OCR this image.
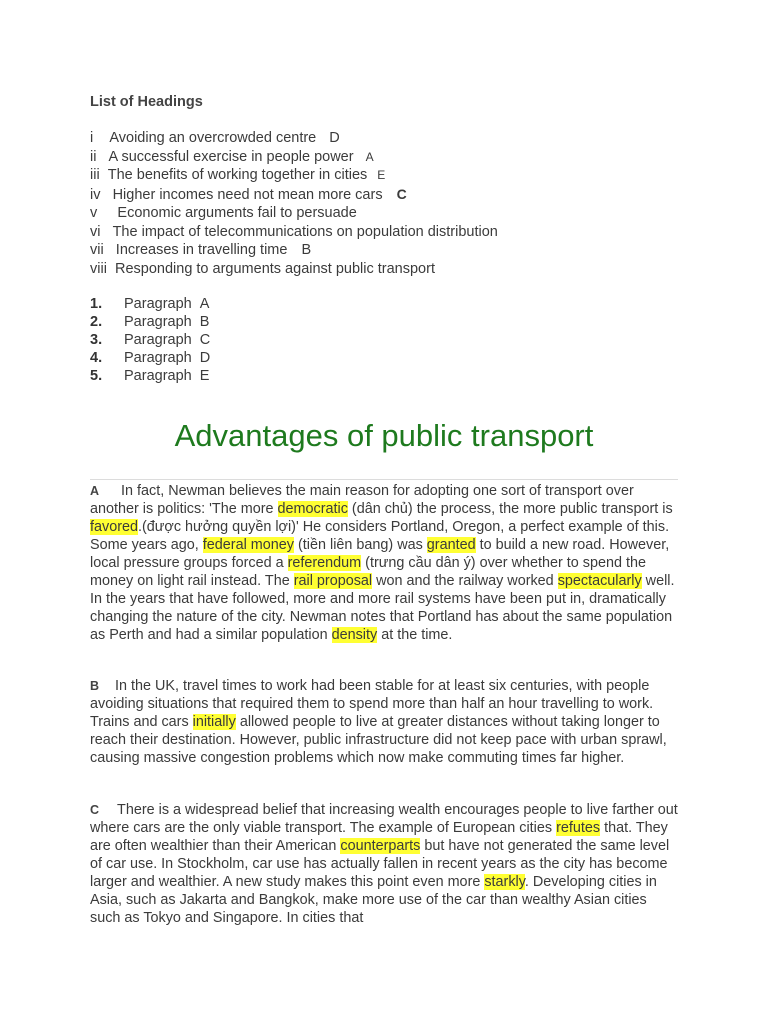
List of Headings
i Avoiding an overcrowded centre D
ii A successful exercise in people power A
iii The benefits of working together in cities E
iv Higher incomes need not mean more cars C
v Economic arguments fail to persuade
vi The impact of telecommunications on population distribution
vii Increases in travelling time B
viii Responding to arguments against public transport
1. Paragraph A
2. Paragraph B
3. Paragraph C
4. Paragraph D
5. Paragraph E
Advantages of public transport
A In fact, Newman believes the main reason for adopting one sort of transport over another is politics: 'The more democratic (dân chủ) the process, the more public transport is favored.(được hưởng quyền lợi)' He considers Portland, Oregon, a perfect example of this. Some years ago, federal money (tiền liên bang) was granted to build a new road. However, local pressure groups forced a referendum (trưng cầu dân ý) over whether to spend the money on light rail instead. The rail proposal won and the railway worked spectacularly well. In the years that have followed, more and more rail systems have been put in, dramatically changing the nature of the city. Newman notes that Portland has about the same population as Perth and had a similar population density at the time.
B In the UK, travel times to work had been stable for at least six centuries, with people avoiding situations that required them to spend more than half an hour travelling to work. Trains and cars initially allowed people to live at greater distances without taking longer to reach their destination. However, public infrastructure did not keep pace with urban sprawl, causing massive congestion problems which now make commuting times far higher.
C There is a widespread belief that increasing wealth encourages people to live farther out where cars are the only viable transport. The example of European cities refutes that. They are often wealthier than their American counterparts but have not generated the same level of car use. In Stockholm, car use has actually fallen in recent years as the city has become larger and wealthier. A new study makes this point even more starkly. Developing cities in Asia, such as Jakarta and Bangkok, make more use of the car than wealthy Asian cities such as Tokyo and Singapore. In cities that
